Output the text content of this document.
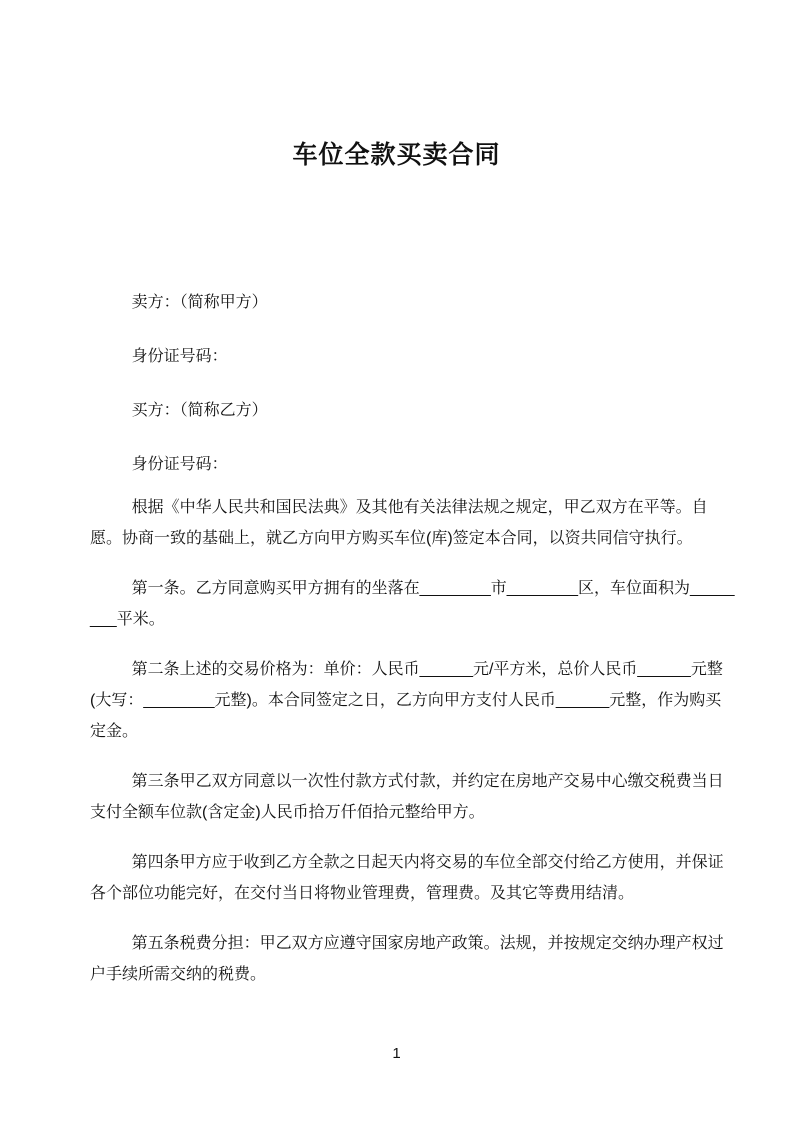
车位全款买卖合同

卖方：（简称甲方）

身份证号码：

买方：（简称乙方）

身份证号码：

根据《中华人民共和国民法典》及其他有关法律法规之规定，甲乙双方在平等。自愿。协商一致的基础上，就乙方向甲方购买车位(库)签定本合同，以资共同信守执行。

第一条。乙方同意购买甲方拥有的坐落在________市________区，车位面积为________平米。

第二条上述的交易价格为：单价：人民币______元/平方米，总价人民币______元整(大写：________元整)。本合同签定之日，乙方向甲方支付人民币______元整，作为购买定金。

第三条甲乙双方同意以一次性付款方式付款，并约定在房地产交易中心缴交税费当日支付全额车位款(含定金)人民币拾万仟佰拾元整给甲方。

第四条甲方应于收到乙方全款之日起天内将交易的车位全部交付给乙方使用，并保证各个部位功能完好，在交付当日将物业管理费，管理费。及其它等费用结清。

第五条税费分担：甲乙双方应遵守国家房地产政策。法规，并按规定交纳办理产权过户手续所需交纳的税费。

1
